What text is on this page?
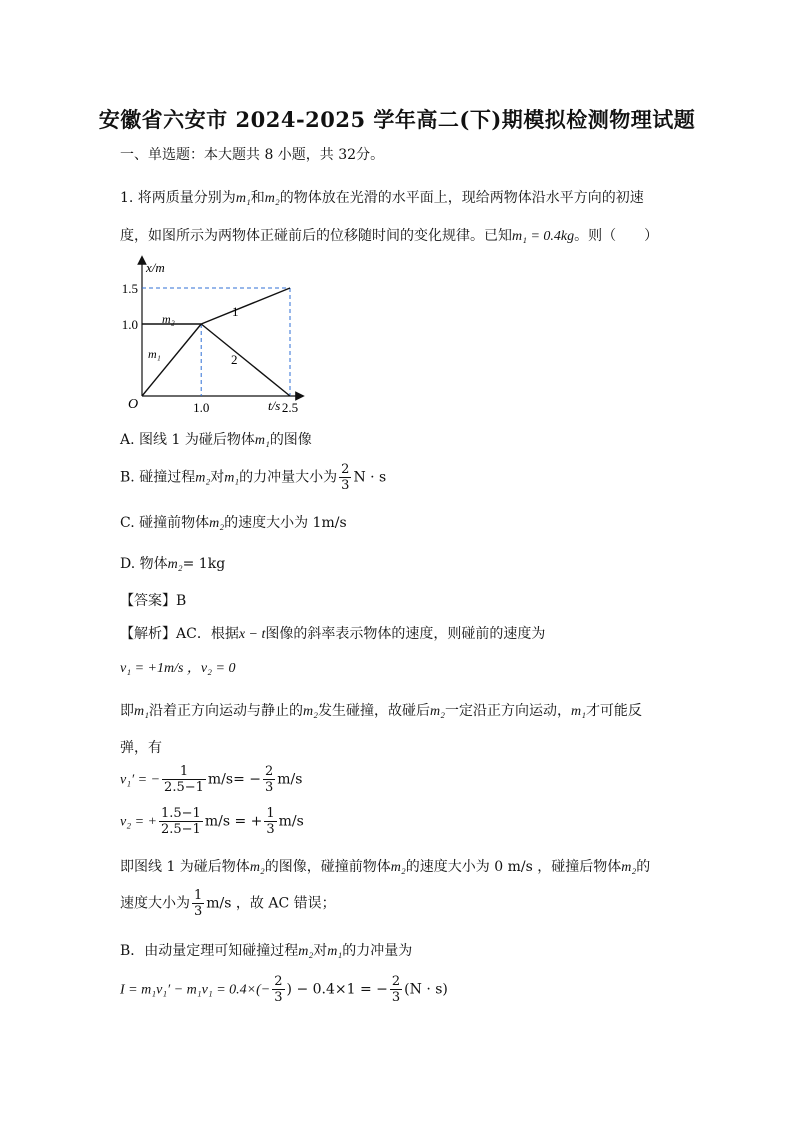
安徽省六安市 2024-2025 学年高二(下)期模拟检测物理试题
一、单选题：本大题共 8 小题，共 32分。
1. 将两质量分别为m₁和m₂的物体放在光滑的水平面上，现给两物体沿水平方向的初速
度，如图所示为两物体正碰前后的位移随时间的变化规律。已知m₁ = 0.4kg。则（　　）
x/m
t/s
O
1.0
1.5
1.0	2.5
m₂
m₁
1
2
A. 图线 1 为碰后物体m₁的图像
B. 碰撞过程m₂对m₁的力冲量大小为 $\frac{2}{3}$ N · s
C. 碰撞前物体m₂的速度大小为 1m/s
D. 物体m₂= 1kg
【答案】B
【解析】AC．根据x − t图像的斜率表示物体的速度，则碰前的速度为
v₁ = +1m/s ，v₂ = 0
即m₁沿着正方向运动与静止的m₂发生碰撞，故碰后m₂一定沿正方向运动，m₁才可能反
弹，有
v₁′ = − $\frac{1}{2.5-1} m/s= - \frac{2}{3} m/s$
v₂ = + $\frac{1.5-1}{2.5-1} m/s$ = + $\frac{1}{3} m/s$
即图线 1 为碰后物体m₂的图像，碰撞前物体m₂的速度大小为 0 m/s ，碰撞后物体m₂的
速度大小为 $\frac{1}{3} m/s$ ，故 AC 错误；
B．由动量定理可知碰撞过程m₂对m₁的力冲量为
$I = m_1v_1' - m_1v_1 = 0.4\times(- \frac{2}{3}$ ) − 0.4×1 = − $\frac{2}{3} (N \cdot s)$
